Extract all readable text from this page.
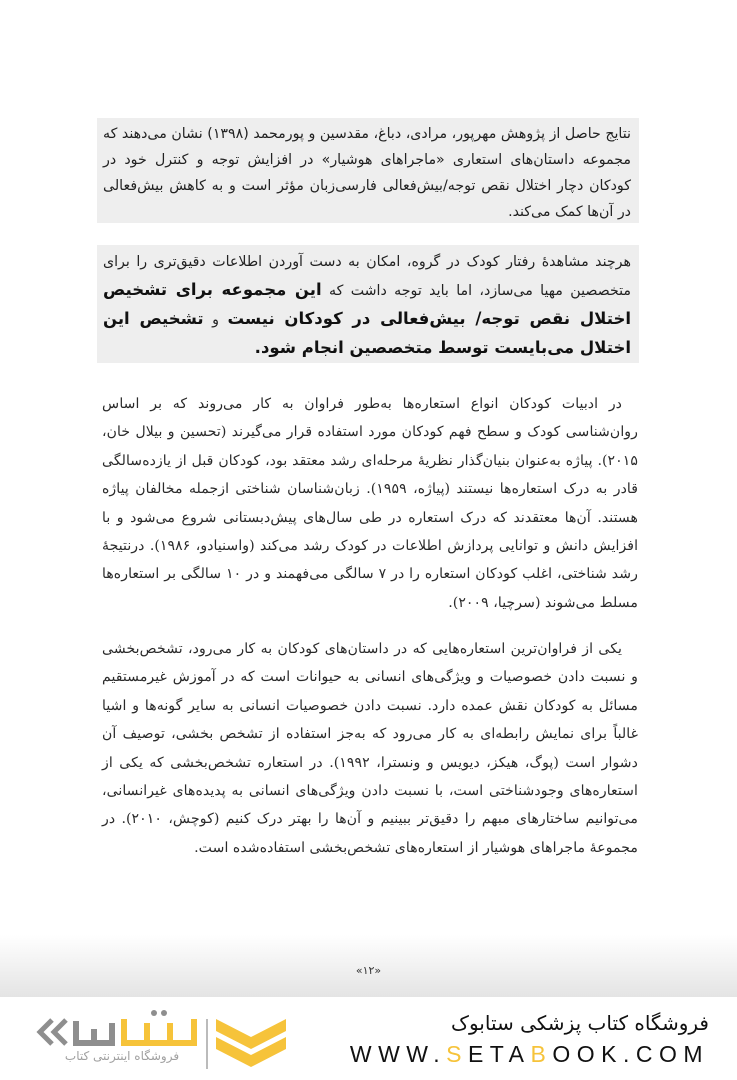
نتایج حاصل از پژوهش مهرپور، مرادی، دباغ، مقدسین و پورمحمد (۱۳۹۸) نشان می‌دهند که مجموعه داستان‌های استعاری «ماجراهای هوشیار» در افزایش توجه و کنترل خود در کودکان دچار اختلال نقص توجه/بیش‌فعالی فارسی‌زبان مؤثر است و به کاهش بیش‌فعالی در آن‌ها کمک می‌کند.
هرچند مشاهدهٔ رفتار کودک در گروه، امکان به دست آوردن اطلاعات دقیق‌تری را برای متخصصین مهیا می‌سازد، اما باید توجه داشت که این مجموعه برای تشخیص اختلال نقص توجه/ بیش‌فعالی در کودکان نیست و تشخیص این اختلال می‌بایست توسط متخصصین انجام شود.

در ادبیات کودکان انواع استعاره‌ها به‌طور فراوان به کار می‌روند که بر اساس روان‌شناسی کودک و سطح فهم کودکان مورد استفاده قرار می‌گیرند (تحسین و بیلال خان، ۲۰۱۵). پیاژه به‌عنوان بنیان‌گذار نظریهٔ مرحله‌ای رشد معتقد بود، کودکان قبل از یازده‌سالگی قادر به درک استعاره‌ها نیستند (پیاژه، ۱۹۵۹). زبان‌شناسان شناختی ازجمله مخالفان پیاژه هستند. آن‌ها معتقدند که درک استعاره در طی سال‌های پیش‌دبستانی شروع می‌شود و با افزایش دانش و توانایی پردازش اطلاعات در کودک رشد می‌کند (واسنیادو، ۱۹۸۶). درنتیجهٔ رشد شناختی، اغلب کودکان استعاره را در ۷ سالگی می‌فهمند و در ۱۰ سالگی بر استعاره‌ها مسلط می‌شوند (سرچیا، ۲۰۰۹).

یکی از فراوان‌ترین استعاره‌هایی که در داستان‌های کودکان به کار می‌رود، تشخص‌بخشی و نسبت دادن خصوصیات و ویژگی‌های انسانی به حیوانات است که در آموزش غیرمستقیم مسائل به کودکان نقش عمده دارد. نسبت دادن خصوصیات انسانی به سایر گونه‌ها و اشیا غالباً برای نمایش رابطه‌ای به کار می‌رود که به‌جز استفاده از تشخص بخشی، توصیف آن دشوار است (پوگ، هیکز، دیویس و ونسترا، ۱۹۹۲). در استعاره تشخص‌بخشی که یکی از استعاره‌های وجودشناختی است، با نسبت دادن ویژگی‌های انسانی به پدیده‌های غیرانسانی، می‌توانیم ساختارهای مبهم را دقیق‌تر ببینیم و آن‌ها را بهتر درک کنیم (کوچش، ۲۰۱۰). در مجموعهٔ ماجراهای هوشیار از استعاره‌های تشخص‌بخشی استفاده‌شده است.

«۱۲»
فروشگاه اینترنتی کتاب
فروشگاه کتاب پزشکی ستابوک
WWW.SETABOOK.COM
